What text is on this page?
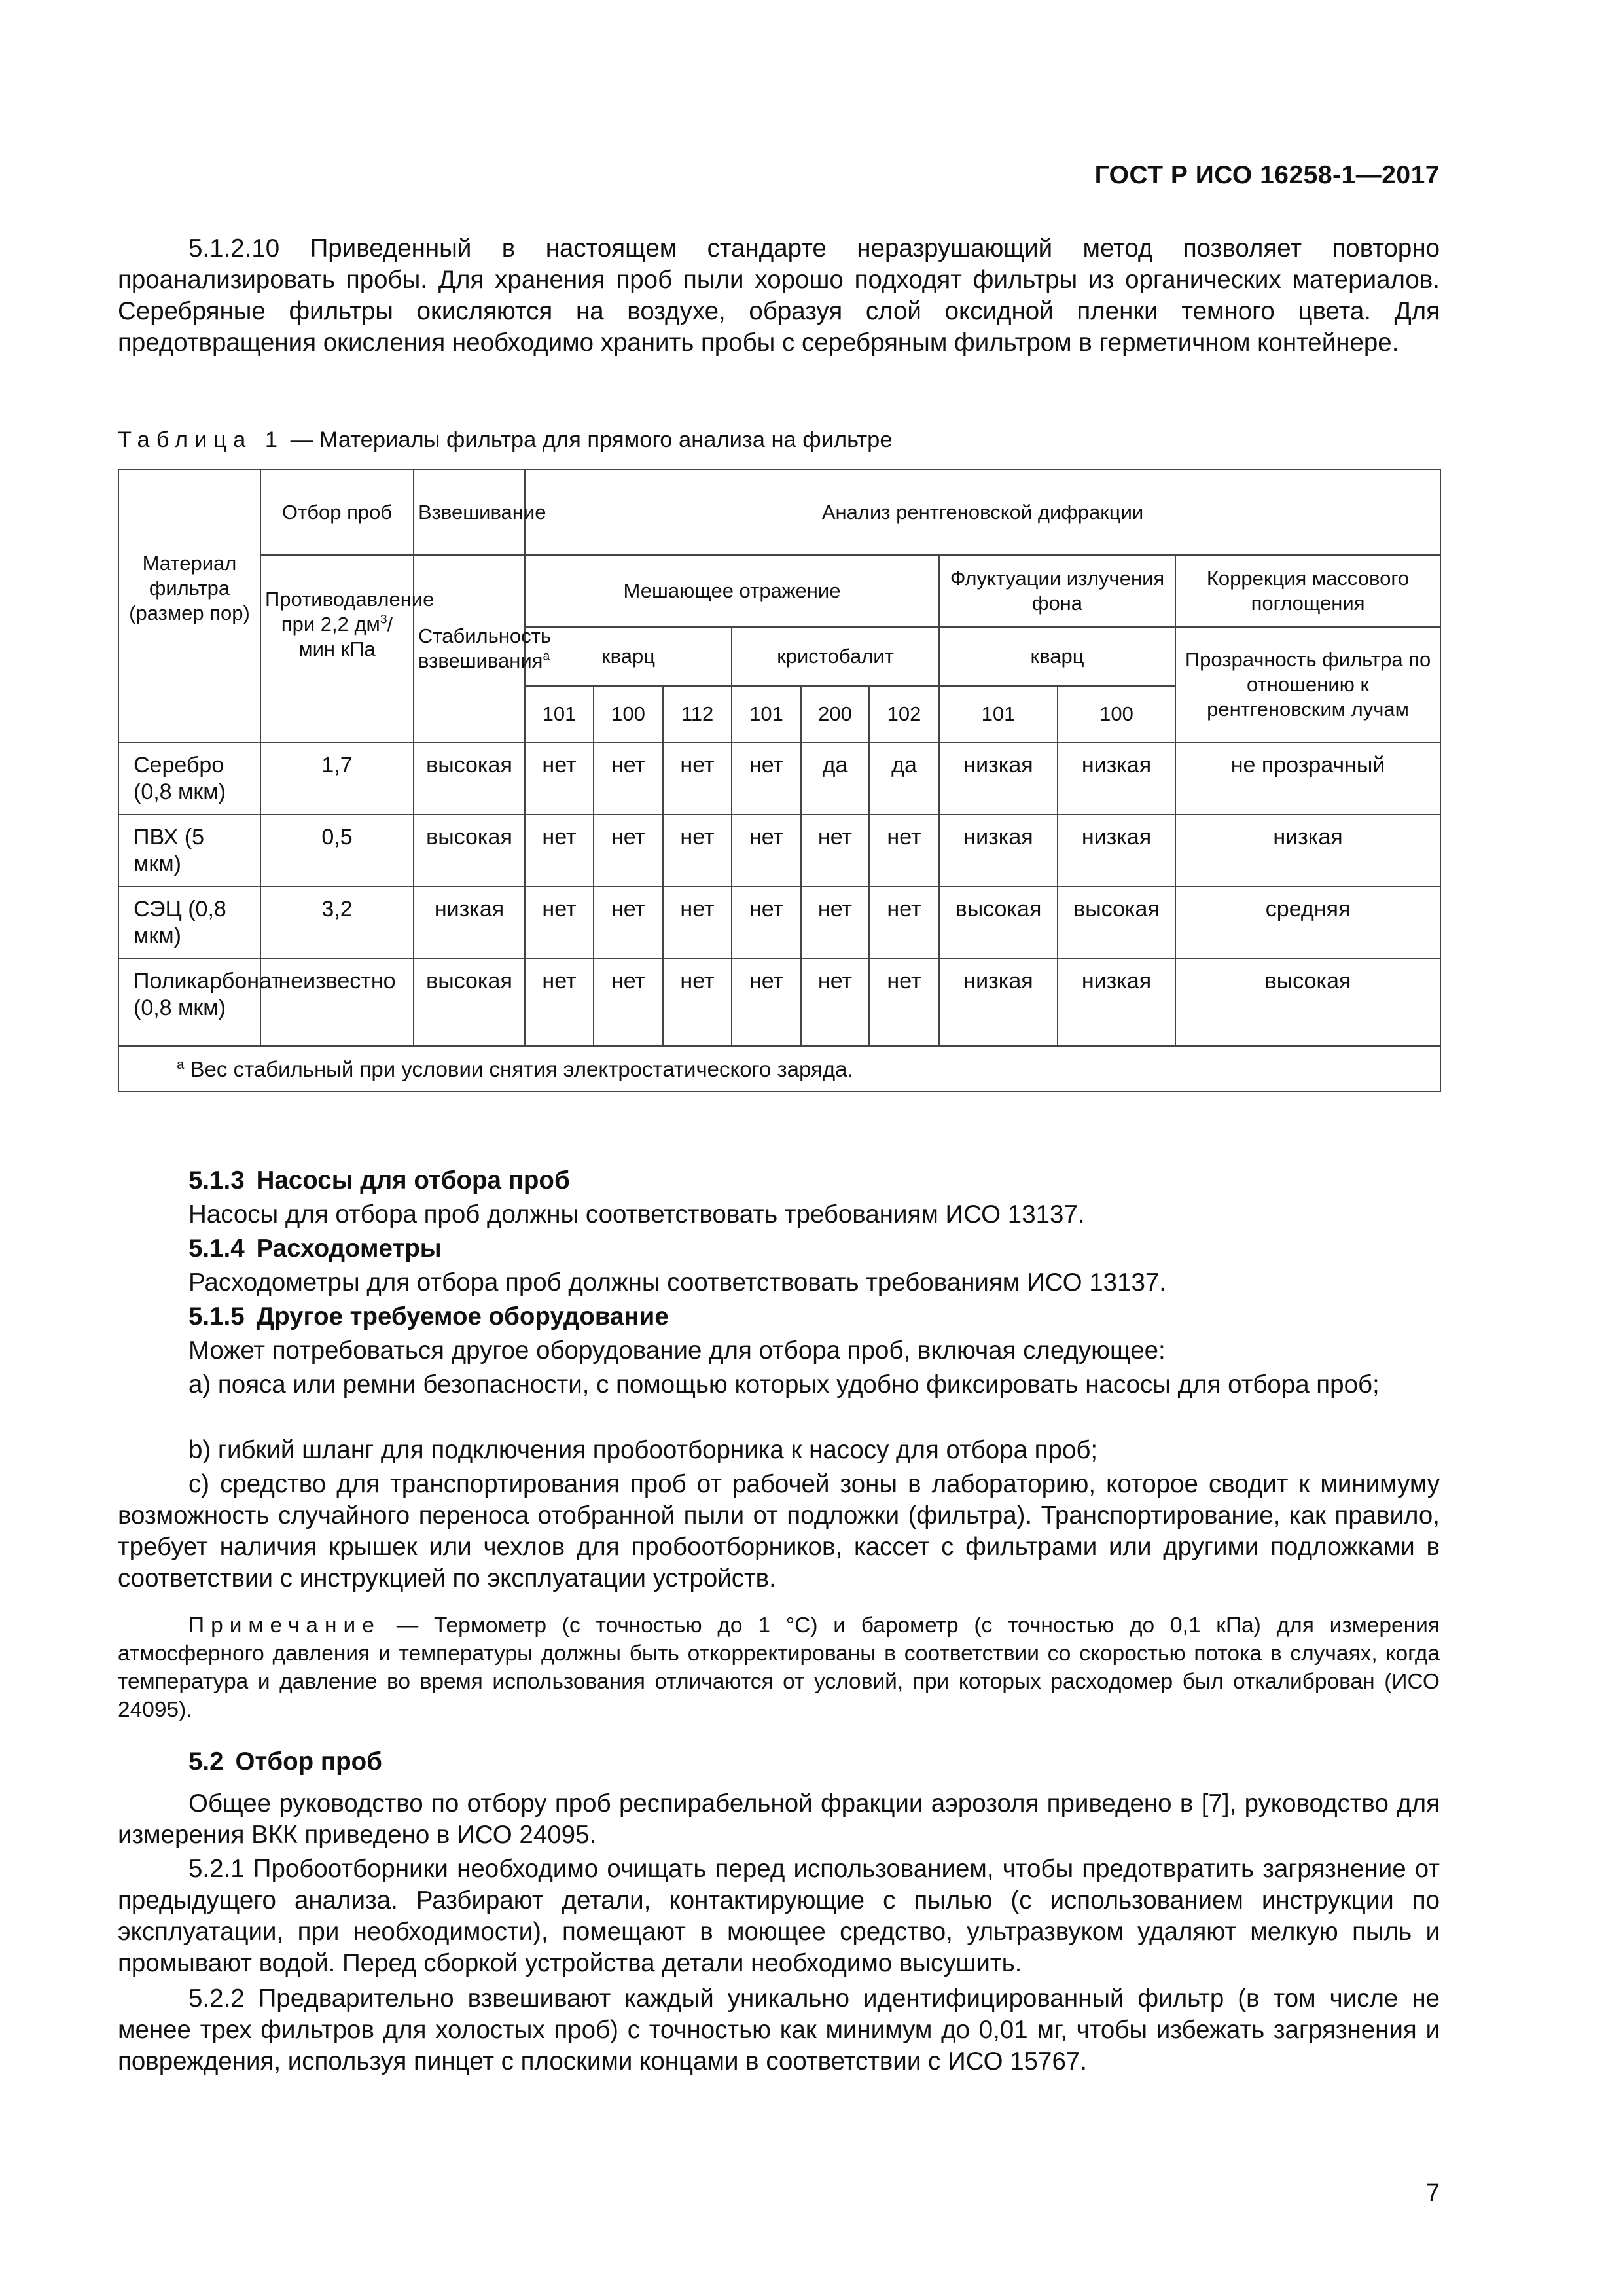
ГОСТ Р ИСО 16258-1—2017

5.1.2.10 Приведенный в настоящем стандарте неразрушающий метод позволяет повторно проанализировать пробы. Для хранения проб пыли хорошо подходят фильтры из органических материалов. Серебряные фильтры окисляются на воздухе, образуя слой оксидной пленки темного цвета. Для предотвращения окисления необходимо хранить пробы с серебряным фильтром в герметичном контейнере.

Таблица 1 — Материалы фильтра для прямого анализа на фильтре
Материал фильтра (размер пор)	Отбор проб	Взвешивание	Анализ рентгеновской дифракции								
	Противодавление при 2,2 $дм^3$/мин кПа	Стабильность взвешивания$^a$	Мешающее отражение						Флуктуации излучения фона		Коррекция массового поглощения
			кварц			кристобалит			кварц		Прозрачность фильтра по отношению к рентгеновским лучам
			101	100	112	101	200	102	101	100	
Серебро (0,8 мкм)	1,7	высокая	нет	нет	нет	нет	да	да	низкая	низкая	не прозрачный
ПВХ (5 мкм)	0,5	высокая	нет	нет	нет	нет	нет	нет	низкая	низкая	низкая
СЭЦ (0,8 мкм)	3,2	низкая	нет	нет	нет	нет	нет	нет	высокая	высокая	средняя
Поликарбонат (0,8 мкм)	неизвестно	высокая	нет	нет	нет	нет	нет	нет	низкая	низкая	высокая
$^a$ Вес стабильный при условии снятия электростатического заряда.											
5.1.3 Насосы для отбора проб

Насосы для отбора проб должны соответствовать требованиям ИСО 13137.

5.1.4 Расходометры

Расходометры для отбора проб должны соответствовать требованиям ИСО 13137.

5.1.5 Другое требуемое оборудование

Может потребоваться другое оборудование для отбора проб, включая следующее:

a) пояса или ремни безопасности, с помощью которых удобно фиксировать насосы для отбора проб;

b) гибкий шланг для подключения пробоотборника к насосу для отбора проб;

c) средство для транспортирования проб от рабочей зоны в лабораторию, которое сводит к минимуму возможность случайного переноса отобранной пыли от подложки (фильтра). Транспортирование, как правило, требует наличия крышек или чехлов для пробоотборников, кассет с фильтрами или другими подложками в соответствии с инструкцией по эксплуатации устройств.

Примечание — Термометр (с точностью до 1 °С) и барометр (с точностью до 0,1 кПа) для измерения атмосферного давления и температуры должны быть откорректированы в соответствии со скоростью потока в случаях, когда температура и давление во время использования отличаются от условий, при которых расходомер был откалиброван (ИСО 24095).

5.2 Отбор проб

Общее руководство по отбору проб респирабельной фракции аэрозоля приведено в [7], руководство для измерения ВКК приведено в ИСО 24095.

5.2.1 Пробоотборники необходимо очищать перед использованием, чтобы предотвратить загрязнение от предыдущего анализа. Разбирают детали, контактирующие с пылью (с использованием инструкции по эксплуатации, при необходимости), помещают в моющее средство, ультразвуком удаляют мелкую пыль и промывают водой. Перед сборкой устройства детали необходимо высушить.

5.2.2 Предварительно взвешивают каждый уникально идентифицированный фильтр (в том числе не менее трех фильтров для холостых проб) с точностью как минимум до 0,01 мг, чтобы избежать загрязнения и повреждения, используя пинцет с плоскими концами в соответствии с ИСО 15767.

7
